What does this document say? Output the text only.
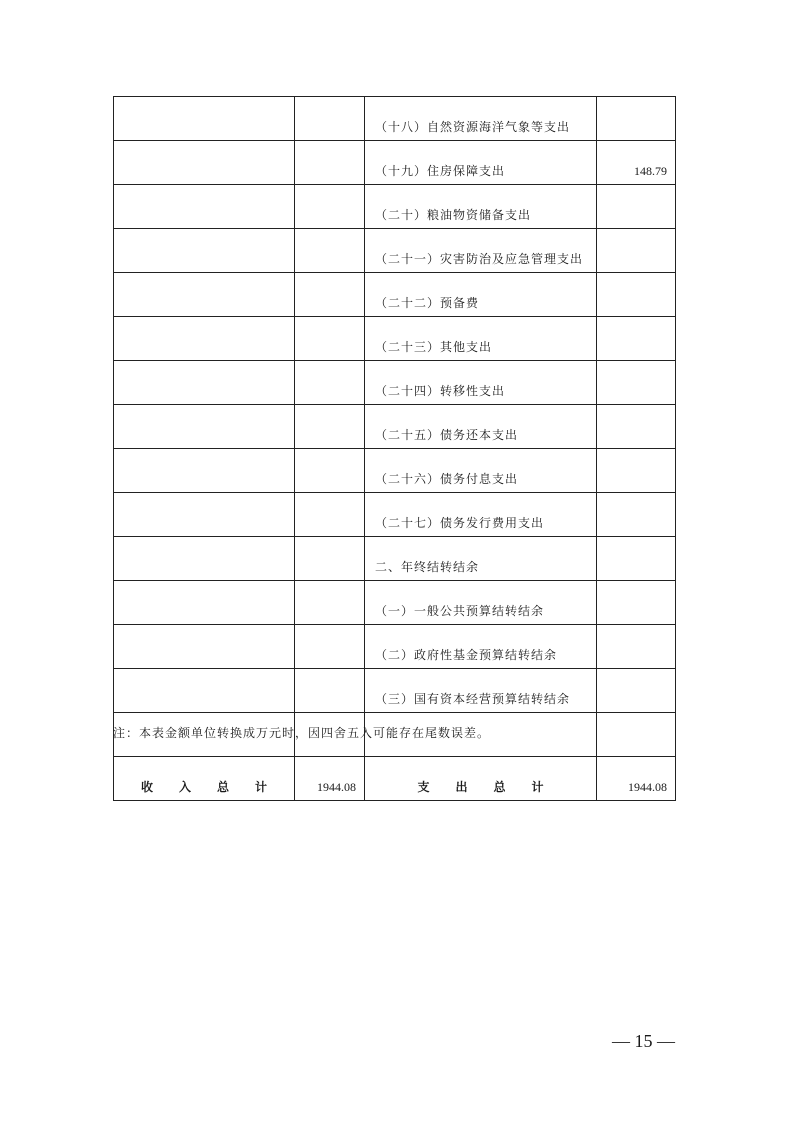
		（十八）自然资源海洋气象等支出	
		（十九）住房保障支出	148.79
		（二十）粮油物资储备支出	
		（二十一）灾害防治及应急管理支出	
		（二十二）预备费	
		（二十三）其他支出	
		（二十四）转移性支出	
		（二十五）债务还本支出	
		（二十六）债务付息支出	
		（二十七）债务发行费用支出	
		二、年终结转结余	
		（一）一般公共预算结转结余	
		（二）政府性基金预算结转结余	
		（三）国有资本经营预算结转结余	

收入总计	1944.08	支出总计	1944.08
注：本表金额单位转换成万元时，因四舍五入可能存在尾数误差。
— 15 —
